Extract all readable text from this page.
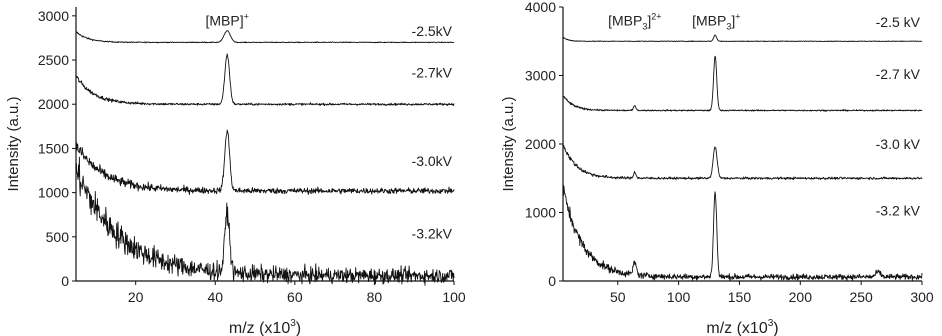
0
500
1000
1500
2000
2500
3000
20	40	60	80	100
m/z $(x10^3)$
Intensity (a.u.)
-2.5kV
-2.7kV
-3.0kV
-3.2kV
[MBP]+
0
1000
2000
3000
4000
50	100	150	200	250	300
m/z $(x10^3)$
Intensity (a.u.)
-2.5 kV
-2.7 kV
-3.0 kV
-3.2 kV
$[MBP_3]^{2+}$ $[MBP_3]^+$
